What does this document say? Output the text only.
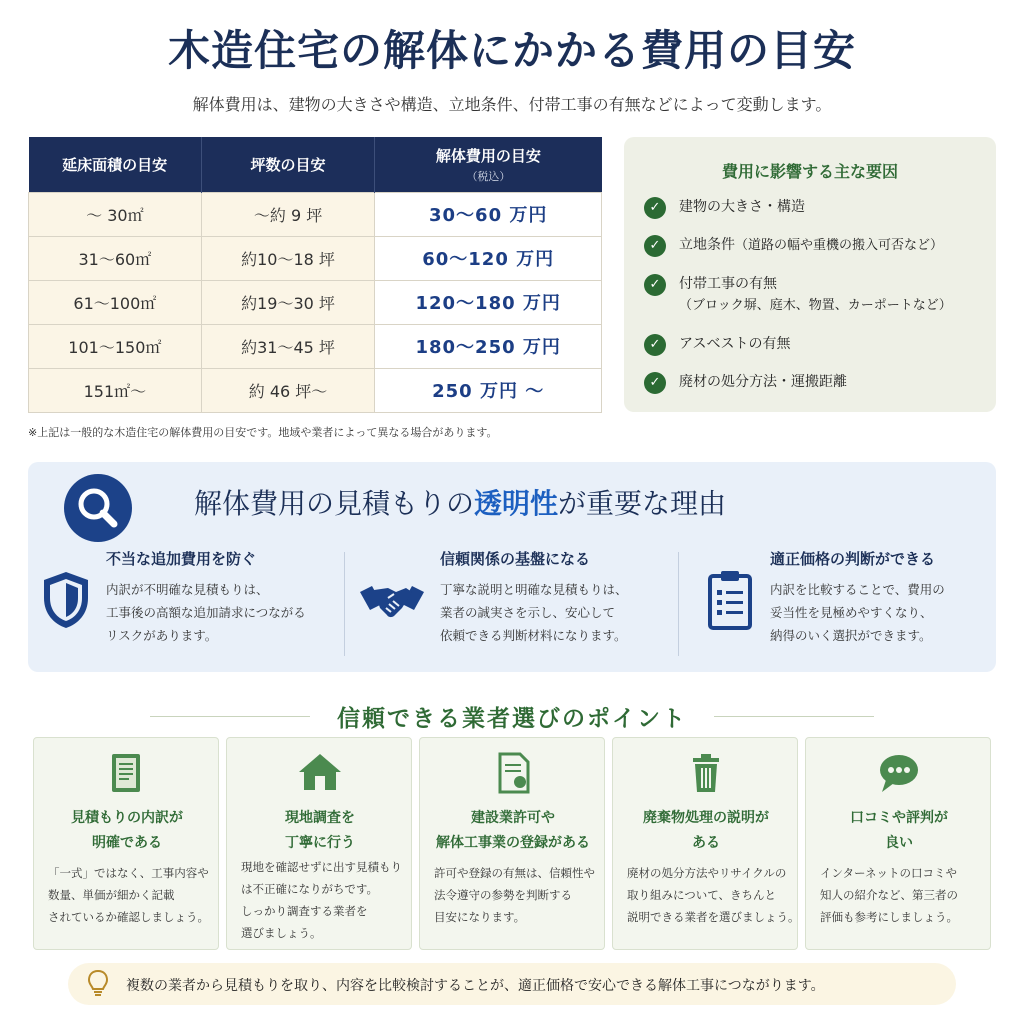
木造住宅の解体にかかる費用の目安

解体費用は、建物の大きさや構造、立地条件、付帯工事の有無などによって変動します。

延床面積の目安	坪数の目安	解体費用の目安
（税込）

〜 30㎡	〜約 9 坪	30〜60 万円
31〜60㎡	約10〜18 坪	60〜120 万円
61〜100㎡	約19〜30 坪	120〜180 万円
101〜150㎡	約31〜45 坪	180〜250 万円
151㎡〜	約 46 坪〜	250 万円 〜

※上記は一般的な木造住宅の解体費用の目安です。地域や業者によって異なる場合があります。

費用に影響する主な要因
✓	建物の大きさ・構造
✓	立地条件（道路の幅や重機の搬入可否など）
✓	付帯工事の有無
（ブロック塀、庭木、物置、カーポートなど）
✓	アスベストの有無
✓	廃材の処分方法・運搬距離
解体費用の見積もりの透明性が重要な理由
不当な追加費用を防ぐ
内訳が不明確な見積もりは、
工事後の高額な追加請求につながる
リスクがあります。
信頼関係の基盤になる
丁寧な説明と明確な見積もりは、
業者の誠実さを示し、安心して
依頼できる判断材料になります。
適正価格の判断ができる
内訳を比較することで、費用の
妥当性を見極めやすくなり、
納得のいく選択ができます。
信頼できる業者選びのポイント
見積もりの内訳が
明確である
「一式」ではなく、工事内容や
数量、単価が細かく記載
されているか確認しましょう。
現地調査を
丁寧に行う
現地を確認せずに出す見積もり
は不正確になりがちです。
しっかり調査する業者を
選びましょう。
建設業許可や
解体工事業の登録がある
許可や登録の有無は、信頼性や
法令遵守の参勢を判断する
目安になります。
廃棄物処理の説明が
ある
廃材の処分方法やリサイクルの
取り組みについて、きちんと
説明できる業者を選びましょう。
口コミや評判が
良い
インターネットの口コミや
知人の紹介など、第三者の
評価も参考にしましょう。
複数の業者から見積もりを取り、内容を比較検討することが、適正価格で安心できる解体工事につながります。
